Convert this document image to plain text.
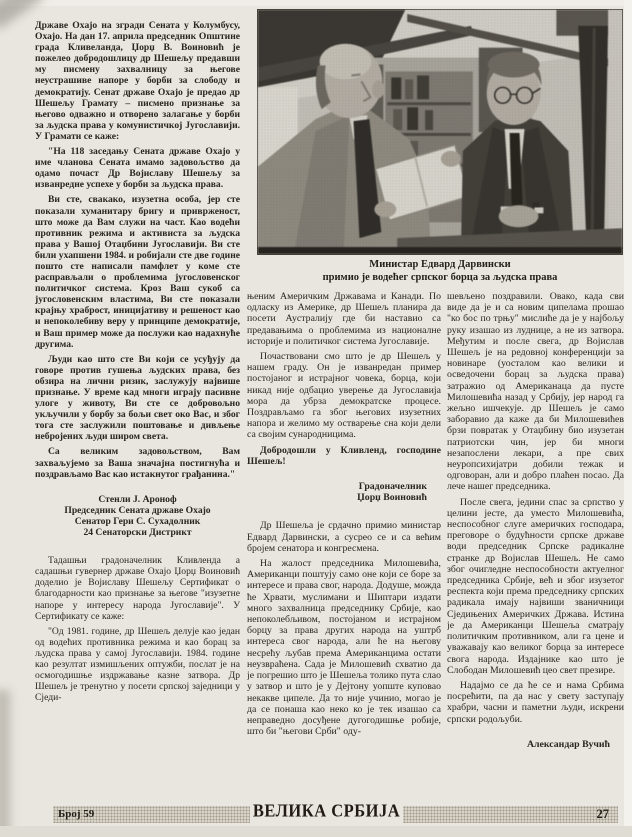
Министар Едвард Дарвински
примио је водећег српског борца за људска права

Државе Охајо на згради Сената у Колумбусу, Охајо. На дан 17. априла председник Општине града Кливеланда, Џорџ В. Воиновић је пожелео добродошлицу др Шешељу предавши му писмену захвалницу за његове неустрашиве напоре у борби за слободу и демократију. Сенат државе Охајо је предао др Шешељу Грамату – писмено признање за његово одважно и отворено залагање у борби за људска права у комунистичкој Југославији. У Грамати се каже:

"На 118 заседању Сената државе Охајо у име чланова Сената имамо задовољство да одамо почаст Др Војиславу Шешељу за изванредне успехе у борби за људска права.

Ви сте, свакако, изузетна особа, јер сте показали хуманитару бригу и приврженост, што може да Вам служи на част. Као водећи противник режима и активиста за људска права у Вашој Отаџбини Југославији. Ви сте били ухапшени 1984. и робијали сте две године пошто сте написали памфлет у коме сте расправљали о проблемима југословенског политичког система. Кроз Ваш сукоб са југословенским властима, Ви сте показали крајњу храброст, иницијативу и решеност као и непоколебиву веру у принципе демократије, и Ваш пример може да послужи као надахнуће другима.

Људи као што сте Ви који се усуђују да говоре против гушења људских права, без обзира на лични ризик, заслужују највише признање. У време кад многи играју пасивне улоге у животу, Ви сте се добровољно укључили у борбу за бољи свет око Вас, и због тога сте заслужили поштовање и дивљење небројених људи широм света.

Са великим задовољством, Вам захваљујемо за Ваша значајна постигнућа и поздрављамо Вас као истакнутог грађанина."

Стенли Ј. Ароноф

Председник Сената државе Охајо

Сенатор Гери С. Сухадолник

24 Сенаторски Дистрикт

Тадашњи градоначелник Кливленда а садашњи гувернер државе Охајо Џорџ Воиновић доделио је Војиславу Шешељу Сертификат о благодарности као признање за његове "изузетне напоре у интересу народа Југославије". У Сертификату се каже:

"Од 1981. године, др Шешељ делује као један од водећих противника режима и као борац за људска права у самој Југославији. 1984. године као резултат измишљених оптужби, послат је на осмогодишње издржавање казне затвора. Др Шешељ је тренутно у посети српској заједници у Сједи-

њеним Америчким Државама и Канади. По одласку из Америке, др Шешељ планира да посети Аустралију где би наставио са предавањима о проблемима из националне историје и политичког система Југославије.

Почаствовани смо што је др Шешељ у нашем граду. Он је изванредан пример постојаног и истрајног човека, борца, који никад није одбацио уверење да Југославија мора да убрза демократске процесе. Поздрављамо га због његових изузетних напора и желимо му остварење сна који дели са својим сународницима.

Добродошли у Кливленд, господине Шешељ!

Градоначелник

Џорџ Воиновић

Др Шешеља је срдачно примио министар Едвард Дарвински, а сусрео се и са већим бројем сенатора и конгресмена.

На жалост председника Милошевића, Американци поштују само оне који се боре за интересе и права свог, народа. Додуше, можда ће Хрвати, муслимани и Шиптари издати много захвалница председнику Србије, као непоколебљивом, постојаном и истрајном борцу за права других народа на уштрб интереса свог народа, али ће на његову несрећу љубав према Американцима остати неузвраћена. Сада је Милошевић схватио да је погрешио што је Шешеља толико пута слао у затвор и што је у Дејтону уопште куповао некакве ципеле. Да то није учинио, могао је да се понаша као неко ко је тек изашао са неправедно досуђене дугогодишње робије, што би "његови Срби" оду-

шевљено поздравили. Овако, када сви виде да је и са новим ципелама прошао "ко бос по трњу" мислиће да је у најбољу руку изашао из луднице, а не из затвора. Међутим и после свега, др Војислав Шешељ је на редовној конференцији за новинаре (уосталом као велики и осведочени борац за људска права) затражио од Американаца да пусте Милошевића назад у Србију, јер народ га жељно ишчекује. др Шешељ је само заборавио да каже да би Милошевићев брзи повратак у Отаџбину био изузетан патриотски чин, јер би многи незапослени лекари, а пре свих неуропсихијатри добили тежак и одговоран, али и добро плаћен посао. Да лече нашег председника.

После свега, једини спас за српство у целини јесте, да уместо Милошевића, неспособног слуге америчких господара, преговоре о будућности српске државе води председник Српске радикалне странке др Војислав Шешељ. Не само због очигледне неспособности актуелног председника Србије, већ и због изузетог респекта који према председнику српских радикала имају највиши званичници Сједињених Америчких Држава. Истина је да Американци Шешеља сматрају политичким противником, али га цене и уважавају као великог борца за интересе свога народа. Издајнике као што је Слободан Милошевић цео свет презире.

Надајмо се да ће се и нама Србима посрећити, па да нас у свету заступају храбри, часни и паметни људи, искрени српски родољуби.

Александар Вучић

Број 59	ВЕЛИКА СРБИЈА	27
